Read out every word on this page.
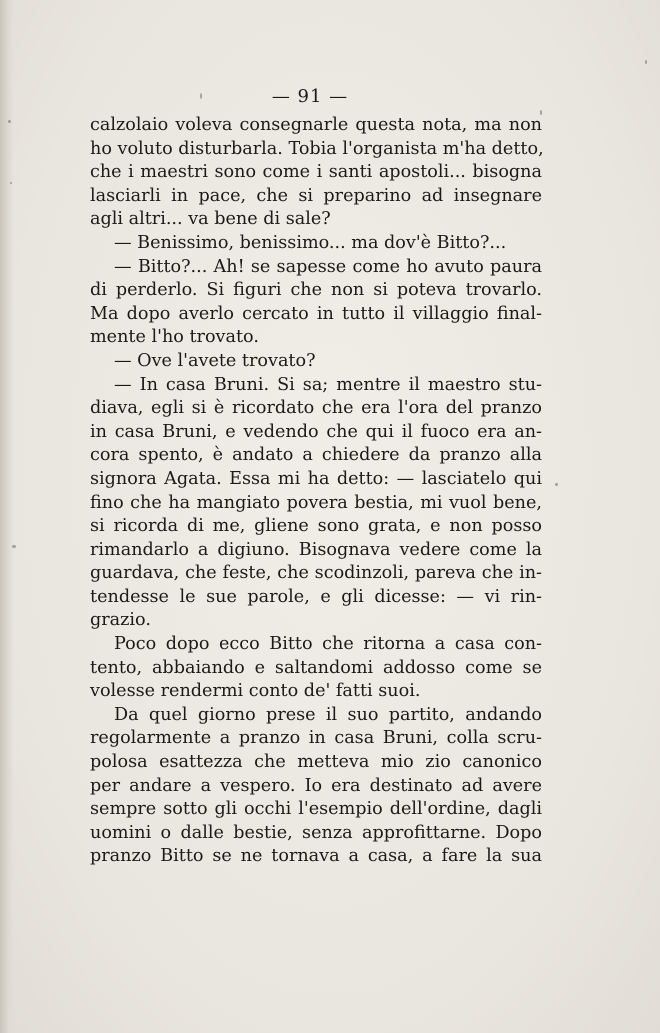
— 91 —
calzolaio voleva consegnarle questa nota, ma non
ho voluto disturbarla. Tobia l'organista m'ha detto,
che i maestri sono come i santi apostoli... bisogna
lasciarli in pace, che si preparino ad insegnare
agli altri... va bene di sale?
— Benissimo, benissimo... ma dov'è Bitto?...
— Bitto?... Ah! se sapesse come ho avuto paura
di perderlo. Si figuri che non si poteva trovarlo.
Ma dopo averlo cercato in tutto il villaggio final-
mente l'ho trovato.
— Ove l'avete trovato?
— In casa Bruni. Si sa; mentre il maestro stu-
diava, egli si è ricordato che era l'ora del pranzo
in casa Bruni, e vedendo che qui il fuoco era an-
cora spento, è andato a chiedere da pranzo alla
signora Agata. Essa mi ha detto: — lasciatelo qui
fino che ha mangiato povera bestia, mi vuol bene,
si ricorda di me, gliene sono grata, e non posso
rimandarlo a digiuno. Bisognava vedere come la
guardava, che feste, che scodinzoli, pareva che in-
tendesse le sue parole, e gli dicesse: — vi rin-
grazio.
Poco dopo ecco Bitto che ritorna a casa con-
tento, abbaiando e saltandomi addosso come se
volesse rendermi conto de' fatti suoi.
Da quel giorno prese il suo partito, andando
regolarmente a pranzo in casa Bruni, colla scru-
polosa esattezza che metteva mio zio canonico
per andare a vespero. Io era destinato ad avere
sempre sotto gli occhi l'esempio dell'ordine, dagli
uomini o dalle bestie, senza approfittarne. Dopo
pranzo Bitto se ne tornava a casa, a fare la sua
